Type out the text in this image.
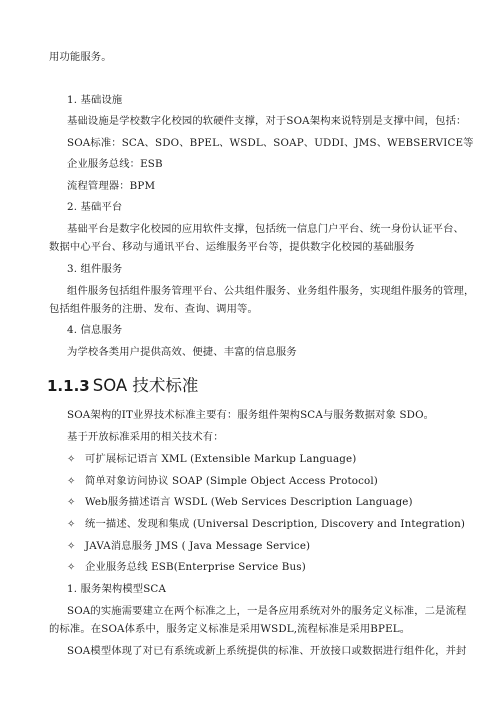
用功能服务。
1. 基础设施
基础设施是学校数字化校园的软硬件支撑，对于SOA架构来说特别是支撑中间，包括：
SOA标准：SCA、SDO、BPEL、WSDL、SOAP、UDDI、JMS、WEBSERVICE等
企业服务总线：ESB
流程管理器：BPM
2. 基础平台
基础平台是数字化校园的应用软件支撑，包括统一信息门户平台、统一身份认证平台、
数据中心平台、移动与通讯平台、运维服务平台等，提供数字化校园的基础服务
3. 组件服务
组件服务包括组件服务管理平台、公共组件服务、业务组件服务，实现组件服务的管理，
包括组件服务的注册、发布、查询、调用等。
4. 信息服务
为学校各类用户提供高效、便捷、丰富的信息服务
1.1.3 SOA 技术标准
SOA架构的IT业界技术标准主要有：服务组件架构SCA与服务数据对象 SDO。
基于开放标准采用的相关技术有：
✧ 可扩展标记语言 XML (Extensible Markup Language)
✧ 简单对象访问协议 SOAP (Simple Object Access Protocol)
✧ Web服务描述语言 WSDL (Web Services Description Language)
✧ 统一描述、发现和集成 (Universal Description, Discovery and Integration)
✧ JAVA消息服务 JMS ( Java Message Service)
✧ 企业服务总线 ESB(Enterprise Service Bus)
1. 服务架构模型SCA
SOA的实施需要建立在两个标准之上，一是各应用系统对外的服务定义标准，二是流程
的标准。在SOA体系中，服务定义标准是采用WSDL,流程标准是采用BPEL。
SOA模型体现了对已有系统或新上系统提供的标准、开放接口或数据进行组件化，并封
